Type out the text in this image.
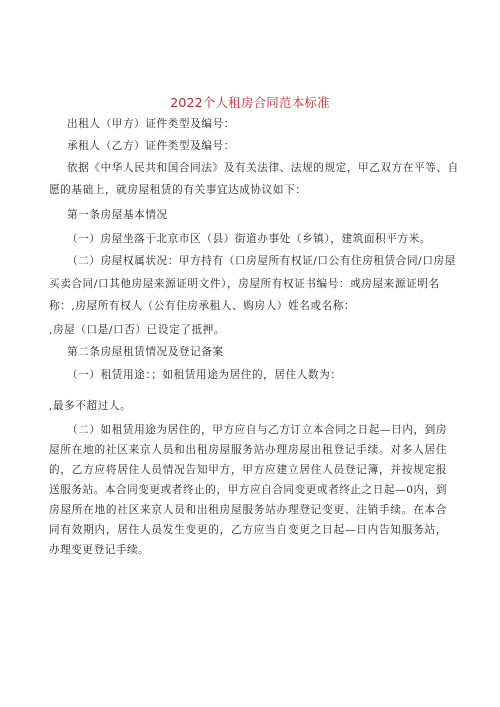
2022个人租房合同范本标准
出租人（甲方）证件类型及编号：
承租人（乙方）证件类型及编号：
依据《中华人民共和国合同法》及有关法律、法规的规定，甲乙双方在平等、自
愿的基础上，就房屋租赁的有关事宜达成协议如下：
第一条房屋基本情况
（一）房屋坐落于北京市区（县）街道办事处（乡镇），建筑面积平方米。
（二）房屋权属状况：甲方持有（口房屋所有权证/口公有住房租赁合同/口房屋
买卖合同/口其他房屋来源证明文件），房屋所有权证书编号：或房屋来源证明名
称：,房屋所有权人（公有住房承租人、购房人）姓名或名称：
,房屋（口是/口否）已设定了抵押。
第二条房屋租赁情况及登记备案
（一）租赁用途：；如租赁用途为居住的，居住人数为：
,最多不超过人。
（二）如租赁用途为居住的，甲方应自与乙方订立本合同之日起—日内，到房屋所在地的社区来京人员和出租房屋服务站办理房屋出租登记手续。对多人居住的，乙方应将居住人员情况告知甲方，甲方应建立居住人员登记簿，并按规定报送服务站。本合同变更或者终止的，甲方应自合同变更或者终止之日起—0内，到房屋所在地的社区来京人员和出租房屋服务站办理登记变更、注销手续。在本合同有效期内，居住人员发生变更的，乙方应当自变更之日起—日内告知服务站，办理变更登记手续。
